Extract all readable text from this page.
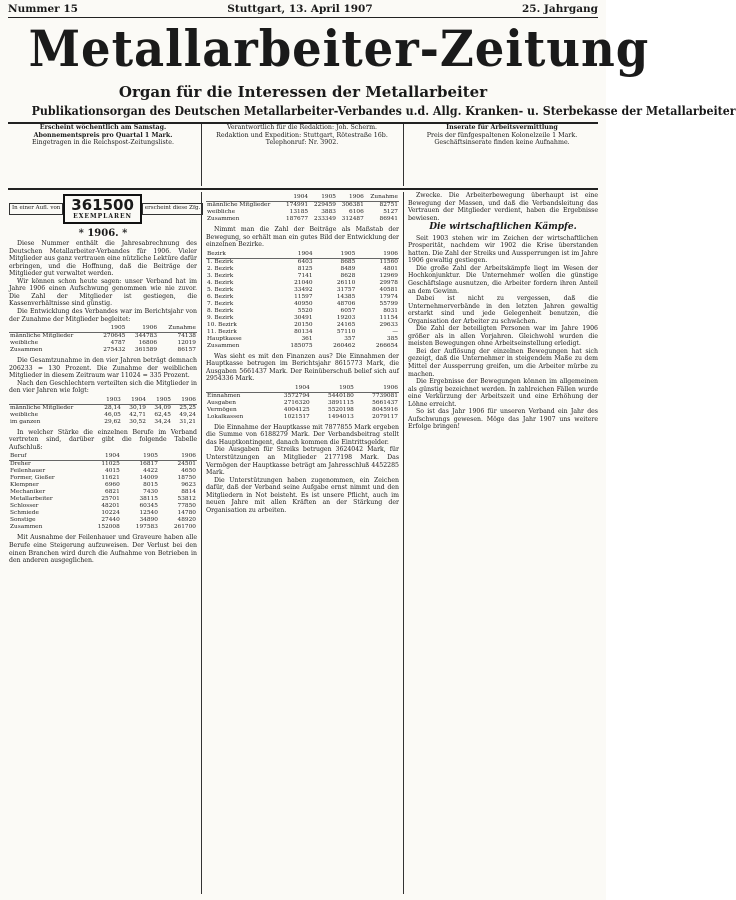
Nummer 15	Stuttgart, 13. April 1907	25. Jahrgang
Metallarbeiter-Zeitung
Organ für die Interessen der Metallarbeiter
Publikationsorgan des Deutschen Metallarbeiter-Verbandes u.d. Allg. Kranken- u. Sterbekasse der Metallarbeiter
Erscheint wöchentlich am Samstag.
Abonnementspreis pro Quartal 1 Mark.
Eingetragen in die Reichspost-Zeitungsliste.
Verantwortlich für die Redaktion: Joh. Scherm.
Redaktion und Expedition: Stuttgart, Rötestraße 16b.
Telephonruf: Nr. 3902.
Inserate für Arbeitsvermittlung
Preis der fünfgespaltenen Kolonelzeile 1 Mark.
Geschäftsinserate finden keine Aufnahme.
In einer Aufl. von 361500
EXEMPLAREN
erscheint diese Zfg.
* 1906. *

Diese Nummer enthält die Jahresabrechnung des Deutschen Metallarbeiter-Verbandes für 1906. Vieler Mitglieder aus ganz vertrauen eine nützliche Lektüre dafür erbringen, und die Hoffnung, daß die Beiträge der Mitglieder gut verwaltet werden.

Wir können schon heute sagen: unser Verband hat im Jahre 1906 einen Aufschwung genommen wie nie zuvor. Die Zahl der Mitglieder ist gestiegen, die Kassenverhältnisse sind günstig.

Die Entwicklung des Verbandes war im Berichtsjahr von der Zunahme der Mitglieder begleitet:

	1905	1906	Zunahme
männliche Mitglieder	270645	344783	74138
weibliche	4787	16806	12019
Zusammen	275432	361589	86157

Die Gesamtzunahme in den vier Jahren beträgt demnach 206233 = 130 Prozent. Die Zunahme der weiblichen Mitglieder in diesem Zeitraum war 11024 = 335 Prozent.

Nach den Geschlechtern verteilten sich die Mitglieder in den vier Jahren wie folgt:

	1903	1904	1905	1906
männliche Mitglieder	28,14	30,19	34,09	25,25
weibliche	46,05	42,71	62,45	49,24
im ganzen	29,62	30,52	34,24	31,21

In welcher Stärke die einzelnen Berufe im Verband vertreten sind, darüber gibt die folgende Tabelle Aufschluß:

Beruf	1904	1905	1906
Dreher	11025	16817	24501
Feilenhauer	4015	4422	4650
Former, Gießer	11621	14009	18750
Klempner	6960	8015	9623
Mechaniker	6821	7430	8814
Metallarbeiter	25701	38115	53812
Schlosser	48201	60345	77850
Schmiede	10224	12540	14780
Sonstige	27440	34890	48920
Zusammen	152008	197583	261700

Mit Ausnahme der Feilenhauer und Graveure haben alle Berufe eine Steigerung aufzuweisen. Der Verlust bei den einen Branchen wird durch die Aufnahme von Betrieben in den anderen ausgeglichen.

	1904	1905	1906	Zunahme
männliche Mitglieder	174991	229459	306381	82751
weibliche	13185	3883	6106	5127
Zusammen	187677	233349	312487	86941

Nimmt man die Zahl der Beiträge als Maßstab der Bewegung, so erhält man ein gutes Bild der Entwicklung der einzelnen Bezirke.

Bezirk	1904	1905	1906
1. Bezirk	6403	8685	11560
2. Bezirk	8125	8489	4801
3. Bezirk	7141	8628	12969
4. Bezirk	21040	26110	29978
5. Bezirk	33492	31757	40581
6. Bezirk	11597	14385	17974
7. Bezirk	40950	48706	55799
8. Bezirk	5520	6057	8031
9. Bezirk	30491	19203	11154
10. Bezirk	20150	24165	29633
11. Bezirk	80134	57110	—
Hauptkasse	361	357	385
Zusammen	185075	260462	266654

Was sieht es mit den Finanzen aus? Die Einnahmen der Hauptkasse betrugen im Berichtsjahr 8615773 Mark, die Ausgaben 5661437 Mark. Der Reinüberschuß belief sich auf 2954336 Mark.

	1904	1905	1906
Einnahmen	3572794	5440180	7739081
Ausgaben	2716320	3891115	5661437
Vermögen	4004125	5520198	8045916
Lokalkassen	1021517	1494013	2079117

Die Einnahme der Hauptkasse mit 7877855 Mark ergeben die Summe von 6188279 Mark. Der Verbandsbeitrag stellt das Hauptkontingent, danach kommen die Eintrittsgelder.

Die Ausgaben für Streiks betrugen 3624042 Mark, für Unterstützungen an Mitglieder 2177198 Mark. Das Vermögen der Hauptkasse beträgt am Jahresschluß 4452285 Mark.

Die Unterstützungen haben zugenommen, ein Zeichen dafür, daß der Verband seine Aufgabe ernst nimmt und den Mitgliedern in Not beisteht. Es ist unsere Pflicht, auch im neuen Jahre mit allen Kräften an der Stärkung der Organisation zu arbeiten.

Zwecke. Die Arbeiterbewegung überhaupt ist eine Bewegung der Massen, und daß die Verbandsleitung das Vertrauen der Mitglieder verdient, haben die Ergebnisse bewiesen.

Die wirtschaftlichen Kämpfe.

Seit 1903 stehen wir im Zeichen der wirtschaftlichen Prosperität, nachdem wir 1902 die Krise überstanden hatten. Die Zahl der Streiks und Aussperrungen ist im Jahre 1906 gewaltig gestiegen.

Die große Zahl der Arbeitskämpfe liegt im Wesen der Hochkonjunktur. Die Unternehmer wollen die günstige Geschäftslage ausnutzen, die Arbeiter fordern ihren Anteil an dem Gewinn.

Dabei ist nicht zu vergessen, daß die Unternehmerverbände in den letzten Jahren gewaltig erstarkt sind und jede Gelegenheit benutzen, die Organisation der Arbeiter zu schwächen.

Die Zahl der beteiligten Personen war im Jahre 1906 größer als in allen Vorjahren. Gleichwohl wurden die meisten Bewegungen ohne Arbeitseinstellung erledigt.

Bei der Auflösung der einzelnen Bewegungen hat sich gezeigt, daß die Unternehmer in steigendem Maße zu dem Mittel der Aussperrung greifen, um die Arbeiter mürbe zu machen.

Die Ergebnisse der Bewegungen können im allgemeinen als günstig bezeichnet werden. In zahlreichen Fällen wurde eine Verkürzung der Arbeitszeit und eine Erhöhung der Löhne erreicht.

So ist das Jahr 1906 für unseren Verband ein Jahr des Aufschwungs gewesen. Möge das Jahr 1907 uns weitere Erfolge bringen!
